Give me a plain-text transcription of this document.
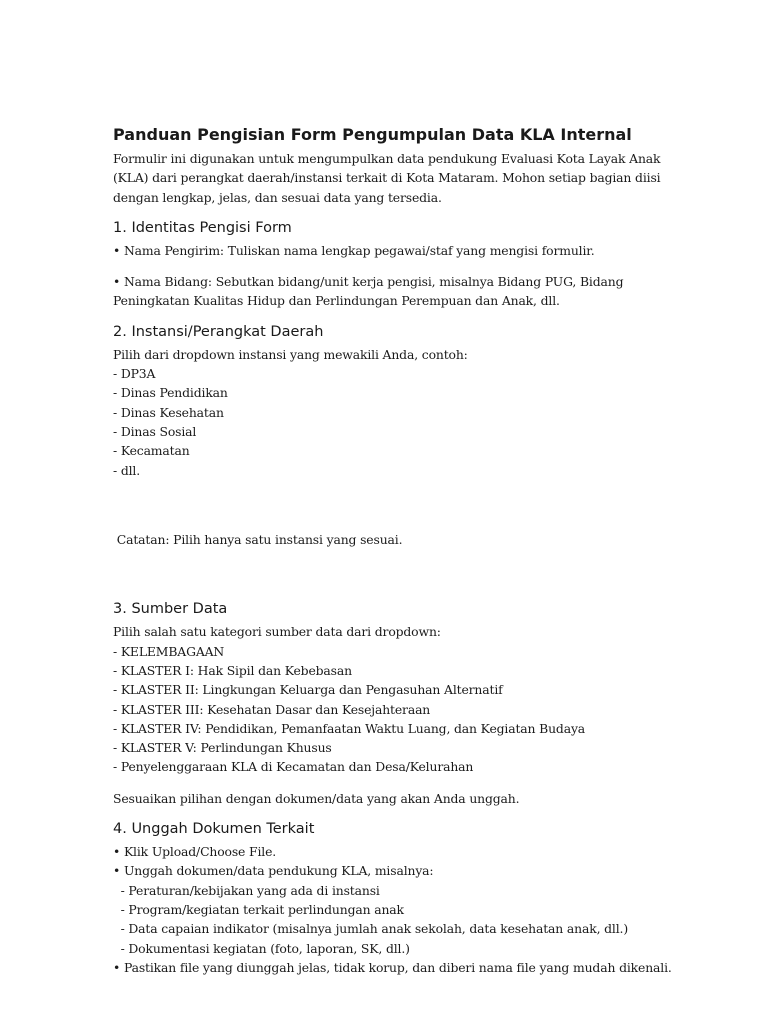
Panduan Pengisian Form Pengumpulan Data KLA Internal

Formulir ini digunakan untuk mengumpulkan data pendukung Evaluasi Kota Layak Anak
(KLA) dari perangkat daerah/instansi terkait di Kota Mataram. Mohon setiap bagian diisi
dengan lengkap, jelas, dan sesuai data yang tersedia.

1. Identitas Pengisi Form

• Nama Pengirim: Tuliskan nama lengkap pegawai/staf yang mengisi formulir.

• Nama Bidang: Sebutkan bidang/unit kerja pengisi, misalnya Bidang PUG, Bidang
Peningkatan Kualitas Hidup dan Perlindungan Perempuan dan Anak, dll.

2. Instansi/Perangkat Daerah

Pilih dari dropdown instansi yang mewakili Anda, contoh:
- DP3A
- Dinas Pendidikan
- Dinas Kesehatan
- Dinas Sosial
- Kecamatan
- dll.

Catatan: Pilih hanya satu instansi yang sesuai.

3. Sumber Data

Pilih salah satu kategori sumber data dari dropdown:
- KELEMBAGAAN
- KLASTER I: Hak Sipil dan Kebebasan
- KLASTER II: Lingkungan Keluarga dan Pengasuhan Alternatif
- KLASTER III: Kesehatan Dasar dan Kesejahteraan
- KLASTER IV: Pendidikan, Pemanfaatan Waktu Luang, dan Kegiatan Budaya
- KLASTER V: Perlindungan Khusus
- Penyelenggaraan KLA di Kecamatan dan Desa/Kelurahan

Sesuaikan pilihan dengan dokumen/data yang akan Anda unggah.

4. Unggah Dokumen Terkait

• Klik Upload/Choose File.
• Unggah dokumen/data pendukung KLA, misalnya:
- Peraturan/kebijakan yang ada di instansi
- Program/kegiatan terkait perlindungan anak
- Data capaian indikator (misalnya jumlah anak sekolah, data kesehatan anak, dll.)
- Dokumentasi kegiatan (foto, laporan, SK, dll.)
• Pastikan file yang diunggah jelas, tidak korup, dan diberi nama file yang mudah dikenali.
